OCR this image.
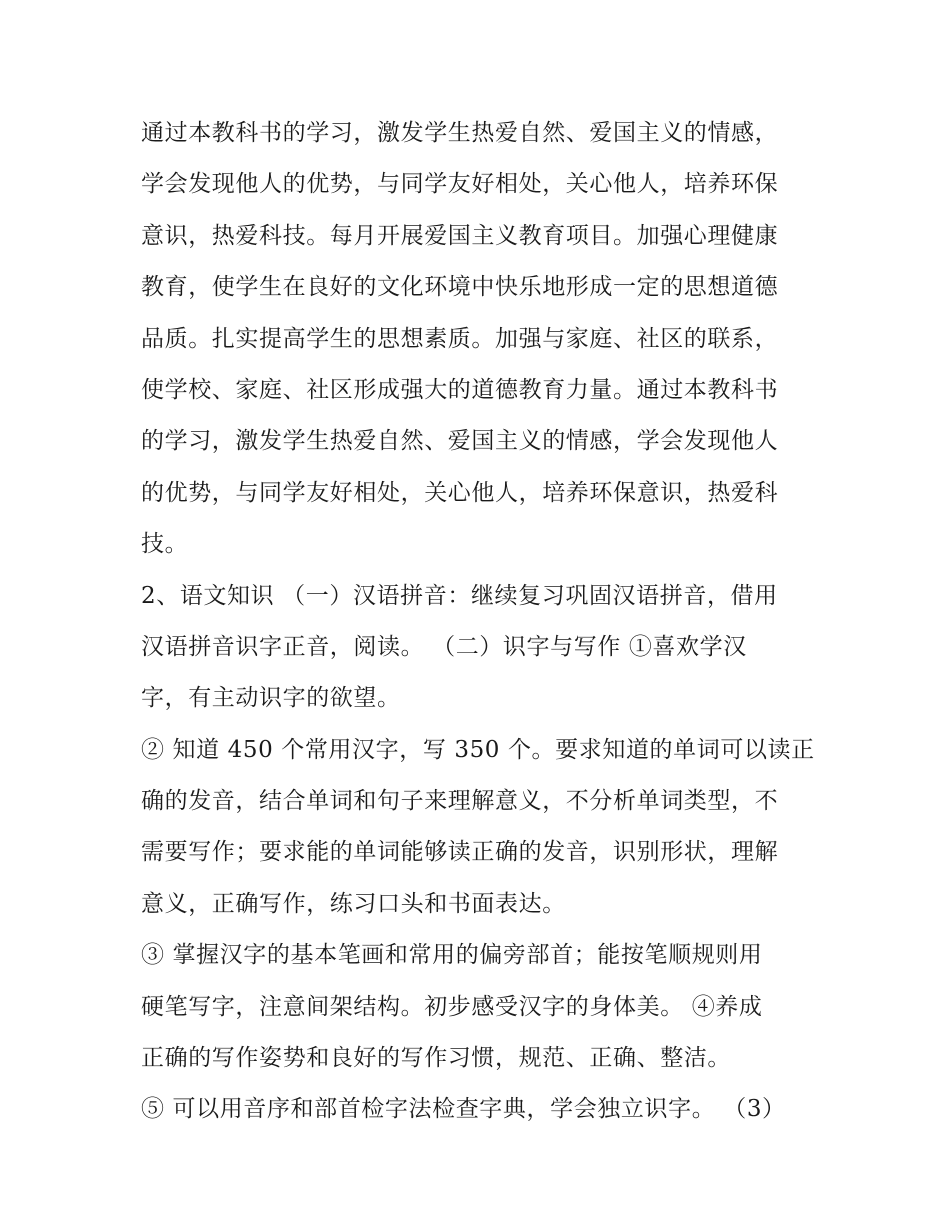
通过本教科书的学习，激发学生热爱自然、爱国主义的情感，
学会发现他人的优势，与同学友好相处，关心他人，培养环保
意识，热爱科技。每月开展爱国主义教育项目。加强心理健康
教育，使学生在良好的文化环境中快乐地形成一定的思想道德
品质。扎实提高学生的思想素质。加强与家庭、社区的联系，
使学校、家庭、社区形成强大的道德教育力量。通过本教科书
的学习，激发学生热爱自然、爱国主义的情感，学会发现他人
的优势，与同学友好相处，关心他人，培养环保意识，热爱科
技。
2、语文知识 （一）汉语拼音：继续复习巩固汉语拼音，借用
汉语拼音识字正音，阅读。 （二）识字与写作 ①喜欢学汉
字，有主动识字的欲望。
② 知道 450 个常用汉字，写 350 个。要求知道的单词可以读正
确的发音，结合单词和句子来理解意义，不分析单词类型，不
需要写作；要求能的单词能够读正确的发音，识别形状，理解
意义，正确写作，练习口头和书面表达。
③ 掌握汉字的基本笔画和常用的偏旁部首；能按笔顺规则用
硬笔写字，注意间架结构。初步感受汉字的身体美。 ④养成
正确的写作姿势和良好的写作习惯，规范、正确、整洁。
⑤ 可以用音序和部首检字法检查字典，学会独立识字。 （3）
